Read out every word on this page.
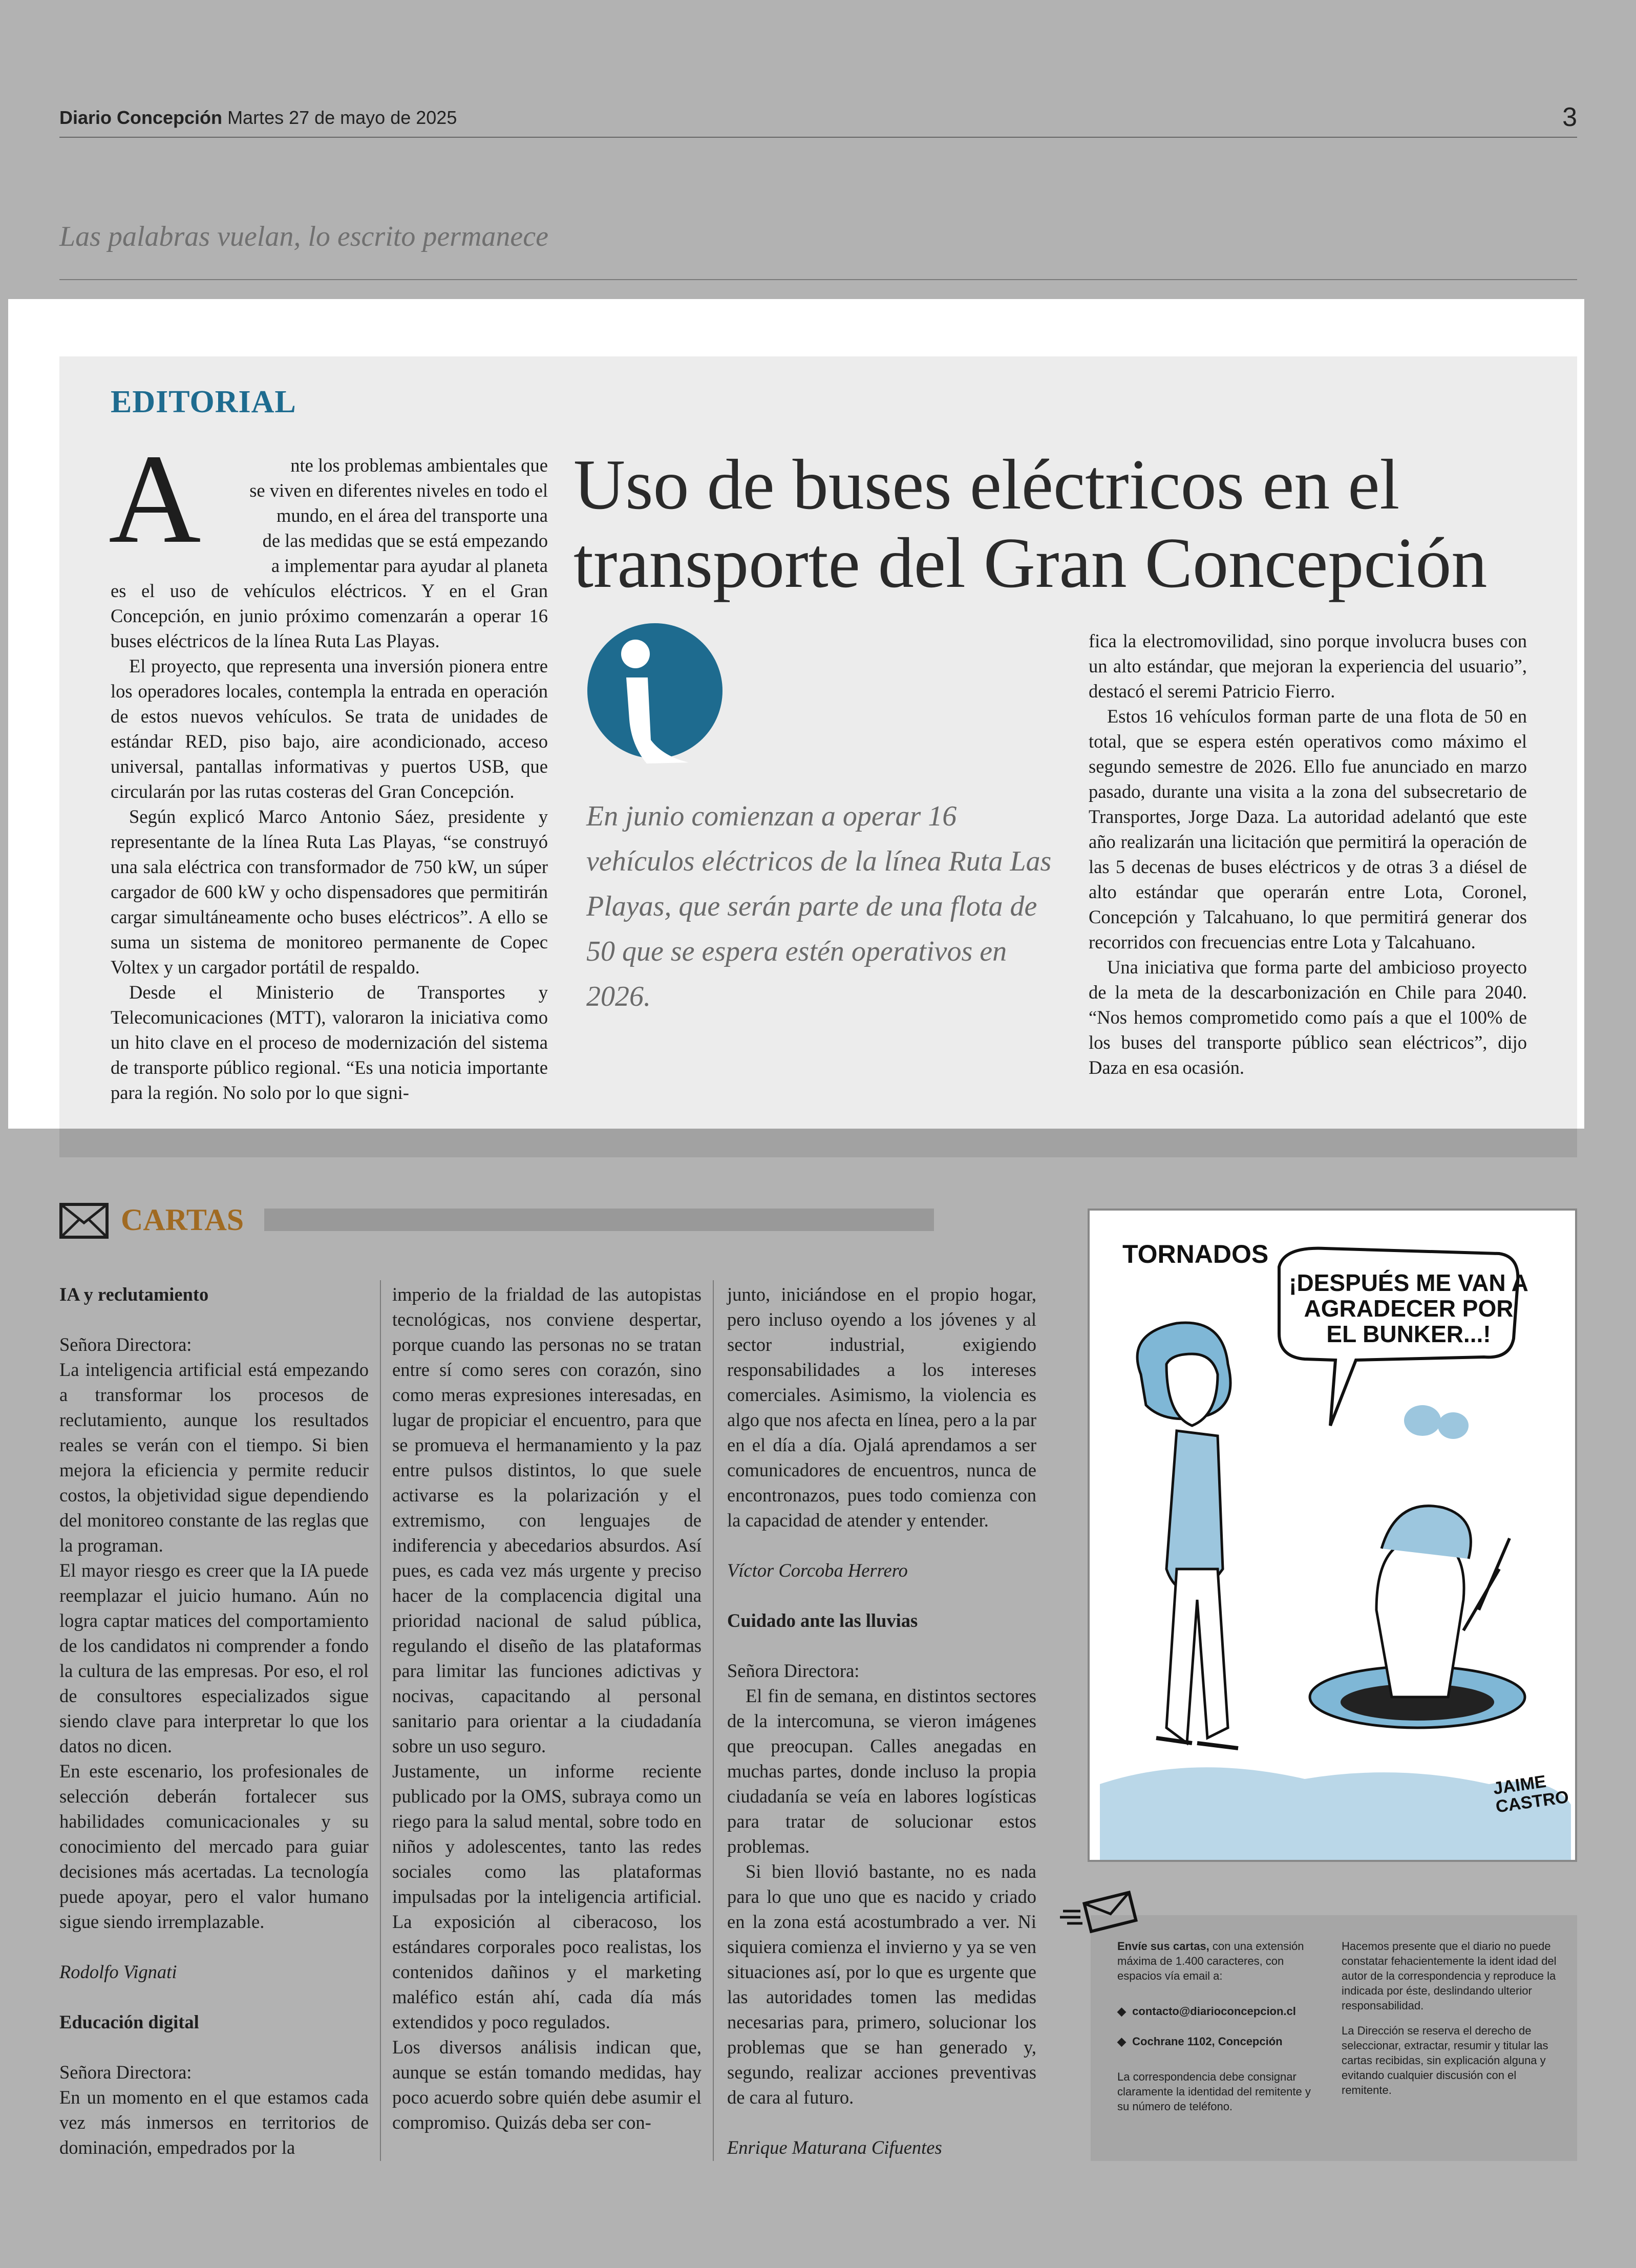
Diario Concepción Martes 27 de mayo de 2025	3
Las palabras vuelan, lo escrito permanece
EDITORIAL
A	nte los problemas ambientales que
se viven en diferentes niveles en todo el
mundo, en el área del transporte una
de las medidas que se está empezando
a implementar para ayudar al planeta

es el uso de vehículos eléctricos. Y en el Gran Concepción, en junio próximo comenzarán a operar 16 buses eléctricos de la línea Ruta Las Playas.

El proyecto, que representa una inversión pionera entre los operadores locales, contempla la entrada en operación de estos nuevos vehículos. Se trata de unidades de estándar RED, piso bajo, aire acondicionado, acceso universal, pantallas informativas y puertos USB, que circularán por las rutas costeras del Gran Concepción.

Según explicó Marco Antonio Sáez, presidente y representante de la línea Ruta Las Playas, “se construyó una sala eléctrica con transformador de 750 kW, un súper cargador de 600 kW y ocho dispensadores que permitirán cargar simultáneamente ocho buses eléctricos”. A ello se suma un sistema de monitoreo permanente de Copec Voltex y un cargador portátil de respaldo.

Desde el Ministerio de Transportes y Telecomunicaciones (MTT), valoraron la iniciativa como un hito clave en el proceso de modernización del sistema de transporte público regional. “Es una noticia importante para la región. No solo por lo que signi-

Uso de buses eléctricos en el transporte del Gran Concepción
En junio comienzan a operar 16 vehículos eléctricos de la línea Ruta Las Playas, que serán parte de una flota de 50 que se espera estén operativos en 2026.

fica la electromovilidad, sino porque involucra buses con un alto estándar, que mejoran la experiencia del usuario”, destacó el seremi Patricio Fierro.

Estos 16 vehículos forman parte de una flota de 50 en total, que se espera estén operativos como máximo el segundo semestre de 2026. Ello fue anunciado en marzo pasado, durante una visita a la zona del subsecretario de Transportes, Jorge Daza. La autoridad adelantó que este año realizarán una licitación que permitirá la operación de las 5 decenas de buses eléctricos y de otras 3 a diésel de alto estándar que operarán entre Lota, Coronel, Concepción y Talcahuano, lo que permitirá generar dos recorridos con frecuencias entre Lota y Talcahuano.

Una iniciativa que forma parte del ambicioso proyecto de la meta de la descarbonización en Chile para 2040. “Nos hemos comprometido como país a que el 100% de los buses del transporte público sean eléctricos”, dijo Daza en esa ocasión.

CARTAS

IA y reclutamiento

Señora Directora:

La inteligencia artificial está empezando a transformar los procesos de reclutamiento, aunque los resultados reales se verán con el tiempo. Si bien mejora la eficiencia y permite reducir costos, la objetividad sigue dependiendo del monitoreo constante de las reglas que la programan.

El mayor riesgo es creer que la IA puede reemplazar el juicio humano. Aún no logra captar matices del comportamiento de los candidatos ni comprender a fondo la cultura de las empresas. Por eso, el rol de consultores especializados sigue siendo clave para interpretar lo que los datos no dicen.

En este escenario, los profesionales de selección deberán fortalecer sus habilidades comunicacionales y su conocimiento del mercado para guiar decisiones más acertadas. La tecnología puede apoyar, pero el valor humano sigue siendo irremplazable.

Rodolfo Vignati

Educación digital

Señora Directora:

En un momento en el que estamos cada vez más inmersos en territorios de dominación, empedrados por la

imperio de la frialdad de las autopistas tecnológicas, nos conviene despertar, porque cuando las personas no se tratan entre sí como seres con corazón, sino como meras expresiones interesadas, en lugar de propiciar el encuentro, para que se promueva el hermanamiento y la paz entre pulsos distintos, lo que suele activarse es la polarización y el extremismo, con lenguajes de indiferencia y abecedarios absurdos. Así pues, es cada vez más urgente y preciso hacer de la complacencia digital una prioridad nacional de salud pública, regulando el diseño de las plataformas para limitar las funciones adictivas y nocivas, capacitando al personal sanitario para orientar a la ciudadanía sobre un uso seguro.

Justamente, un informe reciente publicado por la OMS, subraya como un riego para la salud mental, sobre todo en niños y adolescentes, tanto las redes sociales como las plataformas impulsadas por la inteligencia artificial. La exposición al ciberacoso, los estándares corporales poco realistas, los contenidos dañinos y el marketing maléfico están ahí, cada día más extendidos y poco regulados.

Los diversos análisis indican que, aunque se están tomando medidas, hay poco acuerdo sobre quién debe asumir el compromiso. Quizás deba ser con-

junto, iniciándose en el propio hogar, pero incluso oyendo a los jóvenes y al sector industrial, exigiendo responsabilidades a los intereses comerciales. Asimismo, la violencia es algo que nos afecta en línea, pero a la par en el día a día. Ojalá aprendamos a ser comunicadores de encuentros, nunca de encontronazos, pues todo comienza con la capacidad de atender y entender.

Víctor Corcoba Herrero

Cuidado ante las lluvias

Señora Directora:

El fin de semana, en distintos sectores de la intercomuna, se vieron imágenes que preocupan. Calles anegadas en muchas partes, donde incluso la propia ciudadanía se veía en labores logísticas para tratar de solucionar estos problemas.

Si bien llovió bastante, no es nada para lo que uno que es nacido y criado en la zona está acostumbrado a ver. Ni siquiera comienza el invierno y ya se ven situaciones así, por lo que es urgente que las autoridades tomen las medidas necesarias para, primero, solucionar los problemas que se han generado y, segundo, realizar acciones preventivas de cara al futuro.

Enrique Maturana Cifuentes

TORNADOS
¡DESPUÉS ME VAN A AGRADECER POR EL BUNKER...!
JAIME CASTRO
Envíe sus cartas, con una extensión máxima de 1.400 caracteres, con espacios vía email a:
◆  contacto@diarioconcepcion.cl
◆  Cochrane 1102, Concepción
La correspondencia debe consignar claramente la identidad del remitente y su número de teléfono.
Hacemos presente que el diario no puede constatar fehacientemente la ident idad del autor de la correspondencia y reproduce la indicada por éste, deslindando ulterior responsabilidad.
La Dirección se reserva el derecho de seleccionar, extractar, resumir y titular las cartas recibidas, sin explicación alguna y evitando cualquier discusión con el remitente.
